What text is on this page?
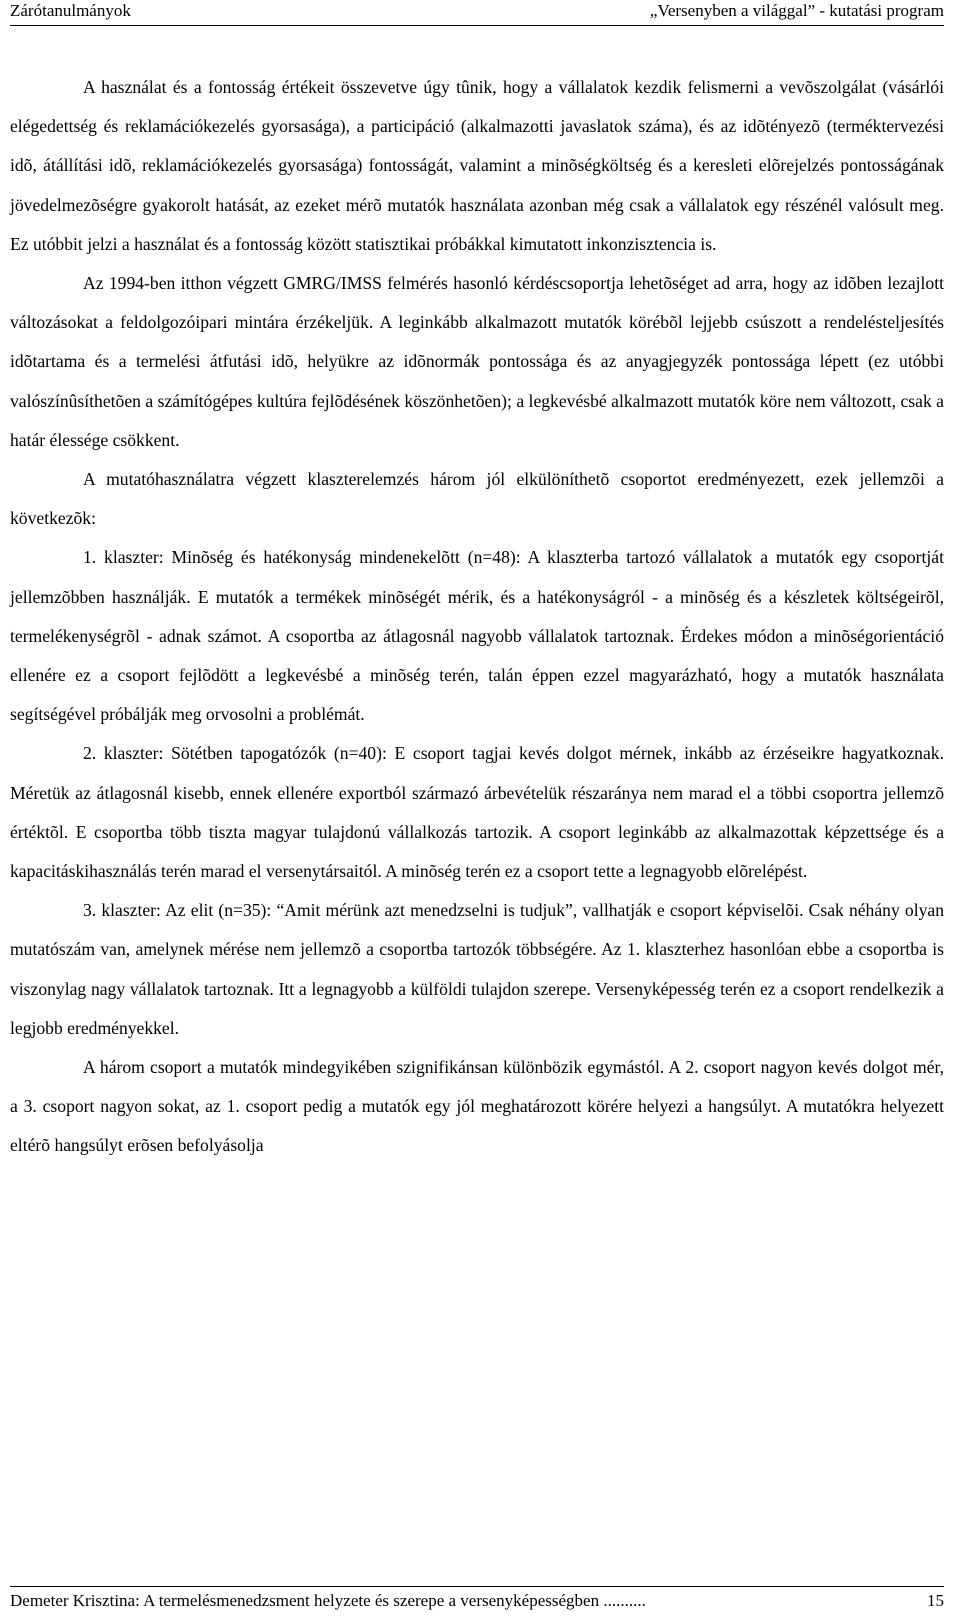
Zárótanulmányok	„Versenyben a világgal” - kutatási program

A használat és a fontosság értékeit összevetve úgy tûnik, hogy a vállalatok kezdik felismerni a vevõszolgálat (vásárlói elégedettség és reklamációkezelés gyorsasága), a participáció (alkalmazotti javaslatok száma), és az idõtényezõ (terméktervezési idõ, átállítási idõ, reklamációkezelés gyorsasága) fontosságát, valamint a minõségköltség és a keresleti elõrejelzés pontosságának jövedelmezõségre gyakorolt hatását, az ezeket mérõ mutatók használata azonban még csak a vállalatok egy részénél valósult meg. Ez utóbbit jelzi a használat és a fontosság között statisztikai próbákkal kimutatott inkonzisztencia is.

Az 1994-ben itthon végzett GMRG/IMSS felmérés hasonló kérdéscsoportja lehetõséget ad arra, hogy az idõben lezajlott változásokat a feldolgozóipari mintára érzékeljük. A leginkább alkalmazott mutatók körébõl lejjebb csúszott a rendelésteljesítés idõtartama és a termelési átfutási idõ, helyükre az idõnormák pontossága és az anyagjegyzék pontossága lépett (ez utóbbi valószínûsíthetõen a számítógépes kultúra fejlõdésének köszönhetõen); a legkevésbé alkalmazott mutatók köre nem változott, csak a határ élessége csökkent.

A mutatóhasználatra végzett klaszterelemzés három jól elkülöníthetõ csoportot eredményezett, ezek jellemzõi a következõk:

1. klaszter: Minõség és hatékonyság mindenekelõtt (n=48): A klaszterba tartozó vállalatok a mutatók egy csoportját jellemzõbben használják. E mutatók a termékek minõségét mérik, és a hatékonyságról - a minõség és a készletek költségeirõl, termelékenységrõl - adnak számot. A csoportba az átlagosnál nagyobb vállalatok tartoznak. Érdekes módon a minõségorientáció ellenére ez a csoport fejlõdött a legkevésbé a minõség terén, talán éppen ezzel magyarázható, hogy a mutatók használata segítségével próbálják meg orvosolni a problémát.

2. klaszter: Sötétben tapogatózók (n=40): E csoport tagjai kevés dolgot mérnek, inkább az érzéseikre hagyatkoznak. Méretük az átlagosnál kisebb, ennek ellenére exportból származó árbevételük részaránya nem marad el a többi csoportra jellemzõ értéktõl. E csoportba több tiszta magyar tulajdonú vállalkozás tartozik. A csoport leginkább az alkalmazottak képzettsége és a kapacitáskihasználás terén marad el versenytársaitól. A minõség terén ez a csoport tette a legnagyobb elõrelépést.

3. klaszter: Az elit (n=35): “Amit mérünk azt menedzselni is tudjuk”, vallhatják e csoport képviselõi. Csak néhány olyan mutatószám van, amelynek mérése nem jellemzõ a csoportba tartozók többségére. Az 1. klaszterhez hasonlóan ebbe a csoportba is viszonylag nagy vállalatok tartoznak. Itt a legnagyobb a külföldi tulajdon szerepe. Versenyképesség terén ez a csoport rendelkezik a legjobb eredményekkel.

A három csoport a mutatók mindegyikében szignifikánsan különbözik egymástól. A 2. csoport nagyon kevés dolgot mér, a 3. csoport nagyon sokat, az 1. csoport pedig a mutatók egy jól meghatározott körére helyezi a hangsúlyt. A mutatókra helyezett eltérõ hangsúlyt erõsen befolyásolja

Demeter Krisztina: A termelésmenedzsment helyzete és szerepe a versenyképességben ..........	15
